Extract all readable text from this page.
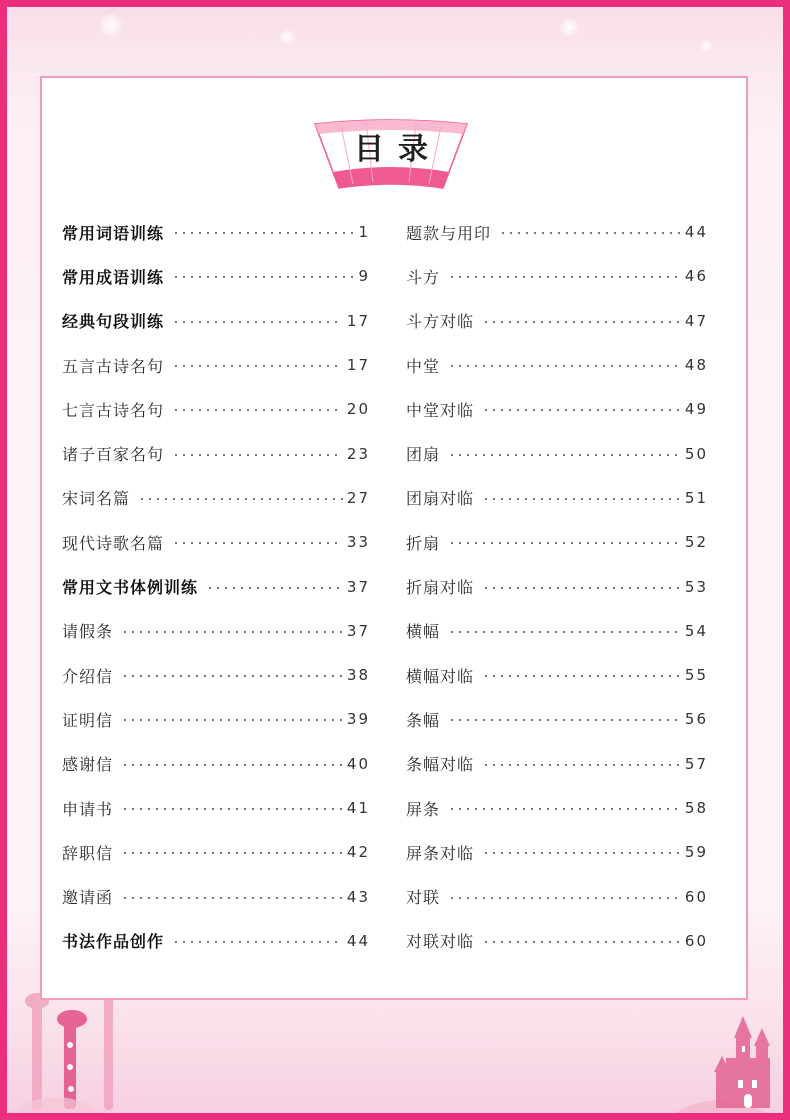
目录
常用词语训练	1
常用成语训练	9
经典句段训练	17
五言古诗名句	17
七言古诗名句	20
诸子百家名句	23
宋词名篇	27
现代诗歌名篇	33
常用文书体例训练	37
请假条	37
介绍信	38
证明信	39
感谢信	40
申请书	41
辞职信	42
邀请函	43
书法作品创作	44
题款与用印	44
斗方	46
斗方对临	47
中堂	48
中堂对临	49
团扇	50
团扇对临	51
折扇	52
折扇对临	53
横幅	54
横幅对临	55
条幅	56
条幅对临	57
屏条	58
屏条对临	59
对联	60
对联对临	60
